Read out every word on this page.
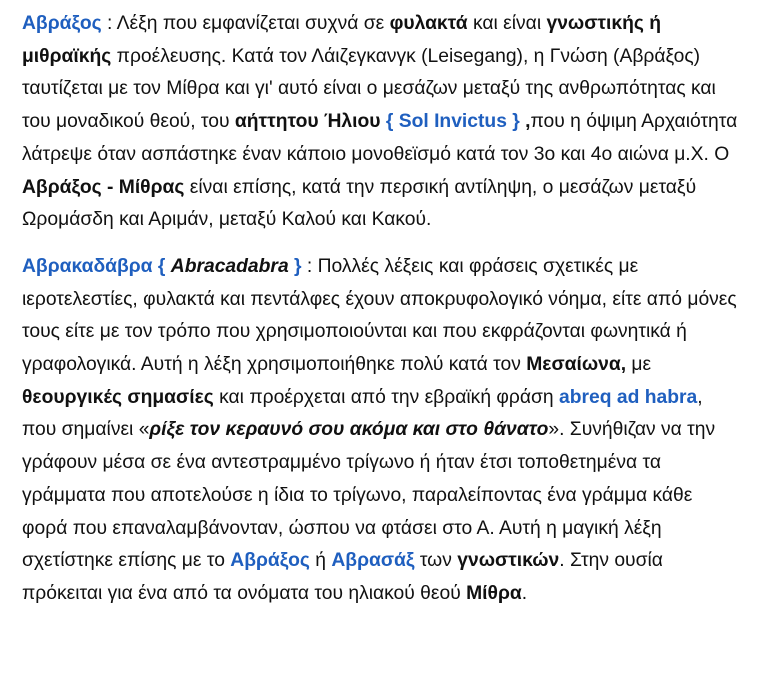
Αβράξος : Λέξη που εμφανίζεται συχνά σε φυλακτά και είναι γνωστικής ή μιθραϊκής προέλευσης. Κατά τον Λάιζεγκανγκ (Leisegang), η Γνώση (Αβράξος) ταυτίζεται με τον Μίθρα και γι' αυτό είναι ο μεσάζων μεταξύ της ανθρωπότητας και του μοναδικού θεού, του αήττητου Ήλιου { Sol Invictus } ,που η όψιμη Αρχαιότητα λάτρεψε όταν ασπάστηκε έναν κάποιο μονοθεϊσμό κατά τον 3ο και 4ο αιώνα μ.Χ. Ο Αβράξος - Μίθρας είναι επίσης, κατά την περσική αντίληψη, ο μεσάζων μεταξύ Ωρομάσδη και Αριμάν, μεταξύ Καλού και Κακού.

Αβρακαδάβρα { Abracadabra } : Πολλές λέξεις και φράσεις σχετικές με ιεροτελεστίες, φυλακτά και πεντάλφες έχουν αποκρυφολογικό νόημα, είτε από μόνες τους είτε με τον τρόπο που χρησιμοποιούνται και που εκφράζονται φωνητικά ή γραφολογικά. Αυτή η λέξη χρησιμοποιήθηκε πολύ κατά τον Μεσαίωνα, με θεουργικές σημασίες και προέρχεται από την εβραϊκή φράση abreq ad habra, που σημαίνει «ρίξε τον κεραυνό σου ακόμα και στο θάνατο». Συνήθιζαν να την γράφουν μέσα σε ένα αντεστραμμένο τρίγωνο ή ήταν έτσι τοποθετημένα τα γράμματα που αποτελούσε η ίδια το τρίγωνο, παραλείποντας ένα γράμμα κάθε φορά που επαναλαμβάνονταν, ώσπου να φτάσει στο Α. Αυτή η μαγική λέξη σχετίστηκε επίσης με το Αβράξος ή Αβρασάξ των γνωστικών. Στην ουσία πρόκειται για ένα από τα ονόματα του ηλιακού θεού Μίθρα.
